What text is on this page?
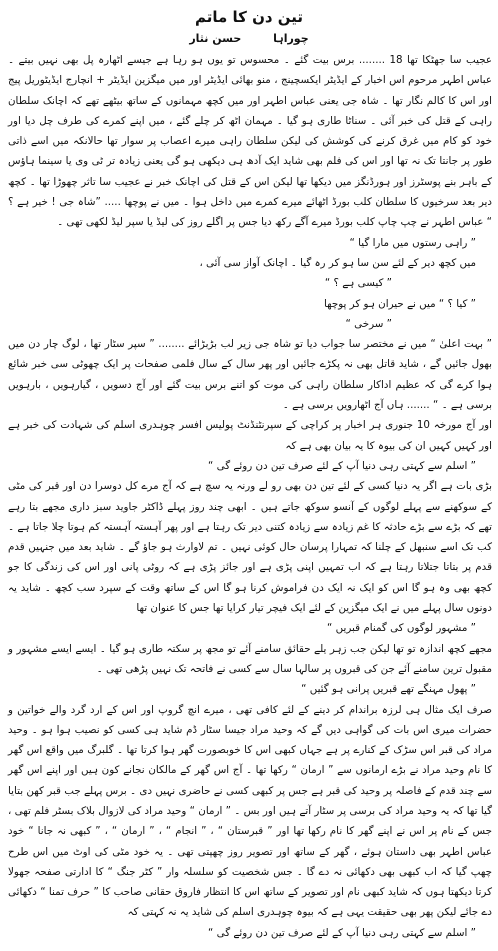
تین دن کا ماتم
چوراہا حسن نثار

عجیب سا جھٹکا تھا 18 ........ برس بیت گئے ۔ محسوس تو یوں ہو رہا ہے جیسے اٹھارہ پل بھی نہیں بیتے ۔ عباس اطہر مرحوم اس اخبار کے ایڈیٹر ایکسچینج ، منو بھائی ایڈیٹر اور میں میگزین ایڈیٹر + انچارج ایڈیٹوریل پیج اور اس کا کالم نگار تھا ۔ شاہ جی یعنی عباس اطہر اور میں کچھ مہمانوں کے ساتھ بیٹھے تھے کہ اچانک سلطان راہی کے قتل کی خبر آئی ۔ سناٹا طاری ہو گیا ۔ مہمان اٹھ کر چلے گئے ، میں اپنے کمرے کی طرف چل دیا اور خود کو کام میں غرق کرنے کی کوشش کی لیکن سلطان راہی میرے اعصاب پر سوار تھا حالانکہ میں اسے ذاتی طور پر جانتا تک نہ تھا اور اس کی فلم بھی شاید ایک آدھ ہی دیکھی ہو گی یعنی زیادہ تر ٹی وی یا سینما ہاؤس کے باہر بنے پوسٹرز اور ہورڈنگز میں دیکھا تھا لیکن اس کے قتل کی اچانک خبر نے عجیب سا تاثر چھوڑا تھا ۔ کچھ دیر بعد سرخیوں کا سلطان کلب بورڈ اٹھائے میرے کمرے میں داخل ہوا ۔ میں نے پوچھا ..... ”شاہ جی ! خیر ہے ؟ “ عباس اطہر نے چپ چاپ کلب بورڈ میرے آگے رکھ دیا جس پر اگلے روز کی لیڈ یا سپر لیڈ لکھی تھی ۔

” راہی رستوں میں مارا گیا “

میں کچھ دیر کے لئے سن سا ہو کر رہ گیا ۔ اچانک آواز سی آئی ،

” کیسی ہے ؟ “

” کیا ؟ “ میں نے حیران ہو کر پوچھا

” سرخی “

” بہت اعلیٰ “ میں نے مختصر سا جواب دیا تو شاہ جی زیر لب بڑبڑائے ........ ” سپر سٹار تھا ، لوگ چار دن میں بھول جائیں گے ، شاید قاتل بھی نہ پکڑے جائیں اور پھر سال کے سال فلمی صفحات پر ایک چھوٹی سی خبر شائع ہوا کرے گی کہ عظیم اداکار سلطان راہی کی موت کو اتنے برس بیت گئے اور آج دسویں ، گیارہویں ، بارہویں برسی ہے ۔ “ ....... ہاں آج اٹھارویں برسی ہے ۔

اور آج مورخہ 10 جنوری ہر اخبار پر کراچی کے سپرنٹنڈنٹ پولیس افسر چوہدری اسلم کی شہادت کی خبر ہے اور کہیں کہیں ان کی بیوہ کا یہ بیان بھی ہے کہ

” اسلم سے کہتی رہی دنیا آپ کے لئے صرف تین دن روئے گی “

بڑی بات ہے اگر یہ دنیا کسی کے لئے تین دن بھی رو لے ورنہ یہ سچ ہے کہ آج مرے کل دوسرا دن اور قبر کی مٹی کے سوکھنے سے پہلے لوگوں کے آنسو سوکھ جاتے ہیں ۔ ابھی چند روز پہلے ڈاکٹر جاوید سبز داری مجھے بتا رہے تھے کہ بڑے سے بڑے حادثہ کا غم زیادہ سے زیادہ کتنی دیر تک رہتا ہے اور پھر آہستہ آہستہ کم ہوتا چلا جاتا ہے ۔ کب تک اسے سنبھل کے چلنا کہ تمہارا پرسان حال کوئی نہیں ۔ تم لاوارث ہو جاؤ گے ۔ شاید بعد میں جنہیں قدم قدم پر بتاتا جتلاتا رہتا ہے کہ اب تمہیں اپنی پڑی ہے اور جائز پڑی ہے کہ روٹی پانی اور اس کی زندگی کا جو کچھ بھی وہ ہو گا اس کو ایک نہ ایک دن فراموش کرنا ہو گا اس کے ساتھ وقت کے سپرد سب کچھ ۔ شاید یہ دونوں سال پہلے میں نے ایک میگزین کے لئے ایک فیچر تیار کرایا تھا جس کا عنوان تھا

” مشہور لوگوں کی گمنام قبریں “

مجھے کچھ اندازہ تو تھا لیکن جب زہر یلے حقائق سامنے آئے تو مجھ پر سکتہ طاری ہو گیا ۔ ایسے ایسے مشہور و مقبول ترین سامنے آئے جن کی قبروں پر سالہا سال سے کسی نے فاتحہ تک نہیں پڑھی تھی ۔

” پھول مہنگے تھے قبریں پرانی ہو گئیں “

صرف ایک مثال ہی لرزہ براندام کر دینے کے لئے کافی تھی ، میرے انچ گروپ اور اس کے ارد گرد والے خواتین و حضرات میری اس بات کی گواہی دیں گے کہ وحید مراد جیسا سٹار ڈم شاید ہی کسی کو نصیب ہوا ہو ۔ وحید مراد کی قبر اس سڑک کے کنارے پر ہے جہاں کبھی اس کا خوبصورت گھر ہوا کرتا تھا ۔ گلبرگ میں واقع اس گھر کا نام وحید مراد نے بڑے ارمانوں سے ” ارمان “ رکھا تھا ۔ آج اس گھر کے مالکان نجانے کون ہیں اور اپنے اس گھر سے چند قدم کے فاصلہ پر وحید کی قبر ہے جس پر کبھی کسی نے حاضری نہیں دی ۔ برس پہلے جب قبر کھن بتایا گیا تھا کہ یہ وحید مراد کی برسی پر سٹار آتے ہیں اور بس ۔ ” ارمان “ وحید مراد کی لازوال بلاک بسٹر فلم تھی ، جس کے نام پر اس نے اپنے گھر کا نام رکھا تھا اور ” قبرستان “ ، ” انجام “ ، ” ارمان “ ، ” کبھی نہ جانا “ خود عباس اطہر بھی داستان ہوئے ، گھر کے ساتھ اور تصویر روز چھپتی تھی ۔ یہ خود مٹی کی اوٹ میں اس طرح چھپ گیا کہ اب کبھی بھی دکھائی نہ دے گا ۔ جس شخصیت کو سلسلہ وار ” کٹر جنگ “ کا ادارتی صفحہ جھولا کرتا دیکھتا ہوں کہ شاید کبھی نام اور تصویر کے ساتھ اس کا انتظار فاروق حقانی صاحب کا ” حرف تمنا “ دکھائی دے جائے لیکن پھر بھی حقیقت یہی ہے کہ بیوہ چوہدری اسلم کی شاید یہ نہ کہتی کہ

” اسلم سے کہتی رہی دنیا آپ کے لئے صرف تین دن روئے گی “
